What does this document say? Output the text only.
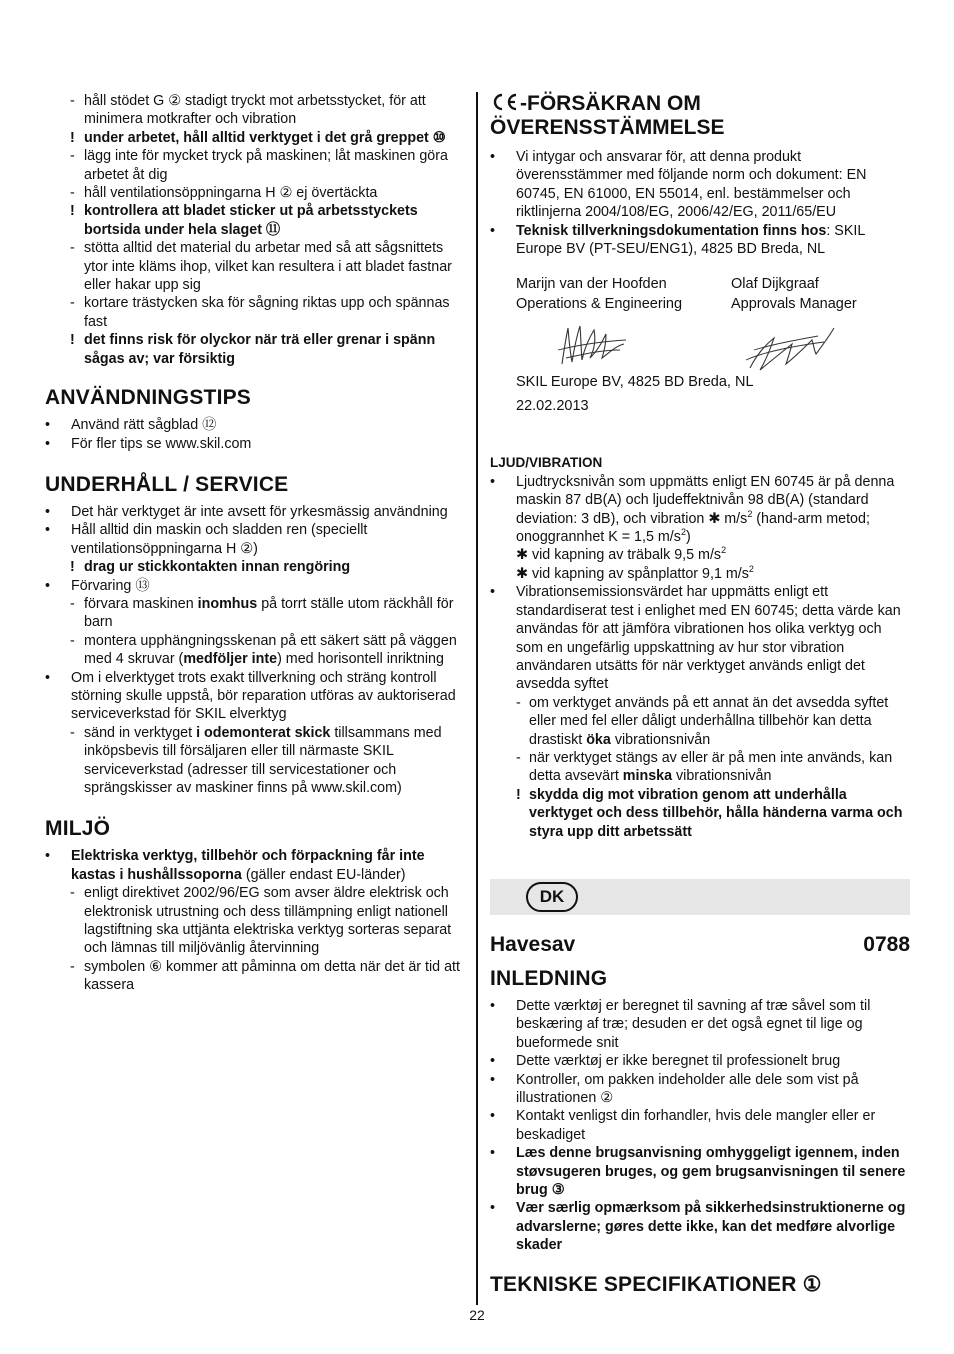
- håll stödet G ② stadigt tryckt mot arbetsstycket, för att minimera motkrafter och vibration
! under arbetet, håll alltid verktyget i det grå greppet ⑩
- lägg inte för mycket tryck på maskinen; låt maskinen göra arbetet åt dig
- håll ventilationsöppningarna H ② ej övertäckta
! kontrollera att bladet sticker ut på arbetsstyckets bortsida under hela slaget ⑪
- stötta alltid det material du arbetar med så att sågsnittets ytor inte kläms ihop, vilket kan resultera i att bladet fastnar eller hakar upp sig
- kortare trästycken ska för sågning riktas upp och spännas fast
! det finns risk för olyckor när trä eller grenar i spänn sågas av; var försiktig
ANVÄNDNINGSTIPS
• Använd rätt sågblad ⑫
• För fler tips se www.skil.com
UNDERHÅLL / SERVICE
• Det här verktyget är inte avsett för yrkesmässig användning
• Håll alltid din maskin och sladden ren (speciellt ventilationsöppningarna H ②)
! drag ur stickkontakten innan rengöring
• Förvaring ⑬
- förvara maskinen inomhus på torrt ställe utom räckhåll för barn
- montera upphängningsskenan på ett säkert sätt på väggen med 4 skruvar (medföljer inte) med horisontell inriktning
• Om i elverktyget trots exakt tillverkning och sträng kontroll störning skulle uppstå, bör reparation utföras av auktoriserad serviceverkstad för SKIL elverktyg
- sänd in verktyget i odemonterat skick tillsammans med inköpsbevis till försäljaren eller till närmaste SKIL serviceverkstad (adresser till servicestationer och sprängskisser av maskiner finns på www.skil.com)
MILJÖ
• Elektriska verktyg, tillbehör och förpackning får inte kastas i hushållssoporna (gäller endast EU-länder)
- enligt direktivet 2002/96/EG som avser äldre elektrisk och elektronisk utrustning och dess tillämpning enligt nationell lagstiftning ska uttjänta elektriska verktyg sorteras separat och lämnas till miljövänlig återvinning
- symbolen ⑥ kommer att påminna om detta när det är tid att kassera
-FÖRSÄKRAN OM
ÖVERENSSTÄMMELSE
• Vi intygar och ansvarar för, att denna produkt överensstämmer med följande norm och dokument: EN 60745, EN 61000, EN 55014, enl. bestämmelser och riktlinjerna 2004/108/EG, 2006/42/EG, 2011/65/EU
• Teknisk tillverkningsdokumentation finns hos: SKIL Europe BV (PT-SEU/ENG1), 4825 BD Breda, NL
Marijn van der Hoofden
Operations & Engineering
Olaf Dijkgraaf
Approvals Manager
SKIL Europe BV, 4825 BD Breda, NL
22.02.2013
LJUD/VIBRATION
• Ljudtrycksnivån som uppmätts enligt EN 60745 är på denna maskin 87 dB(A) och ljudeffektnivån 98 dB(A) (standard deviation: 3 dB), och vibration ✱ $m/s^2$ (hand-arm metod; onoggrannhet K = 1,5 $m/s^2$)
✱ vid kapning av träbalk 9,5 $m/s^2$
✱ vid kapning av spånplattor 9,1 $m/s^2$
• Vibrationsemissionsvärdet har uppmätts enligt ett standardiserat test i enlighet med EN 60745; detta värde kan användas för att jämföra vibrationen hos olika verktyg och som en ungefärlig uppskattning av hur stor vibration användaren utsätts för när verktyget används enligt det avsedda syftet
- om verktyget används på ett annat än det avsedda syftet eller med fel eller dåligt underhållna tillbehör kan detta drastiskt öka vibrationsnivån
- när verktyget stängs av eller är på men inte används, kan detta avsevärt minska vibrationsnivån
! skydda dig mot vibration genom att underhålla verktyget och dess tillbehör, hålla händerna varma och styra upp ditt arbetssätt
DK
Havesav	0788
INLEDNING
• Dette værktøj er beregnet til savning af træ såvel som til beskæring af træ; desuden er det også egnet til lige og bueformede snit
• Dette værktøj er ikke beregnet til professionelt brug
• Kontroller, om pakken indeholder alle dele som vist på illustrationen ②
• Kontakt venligst din forhandler, hvis dele mangler eller er beskadiget
• Læs denne brugsanvisning omhyggeligt igennem, inden støvsugeren bruges, og gem brugsanvisningen til senere brug ③
• Vær særlig opmærksom på sikkerhedsinstruktionerne og advarslerne; gøres dette ikke, kan det medføre alvorlige skader
TEKNISKE SPECIFIKATIONER ①
22
